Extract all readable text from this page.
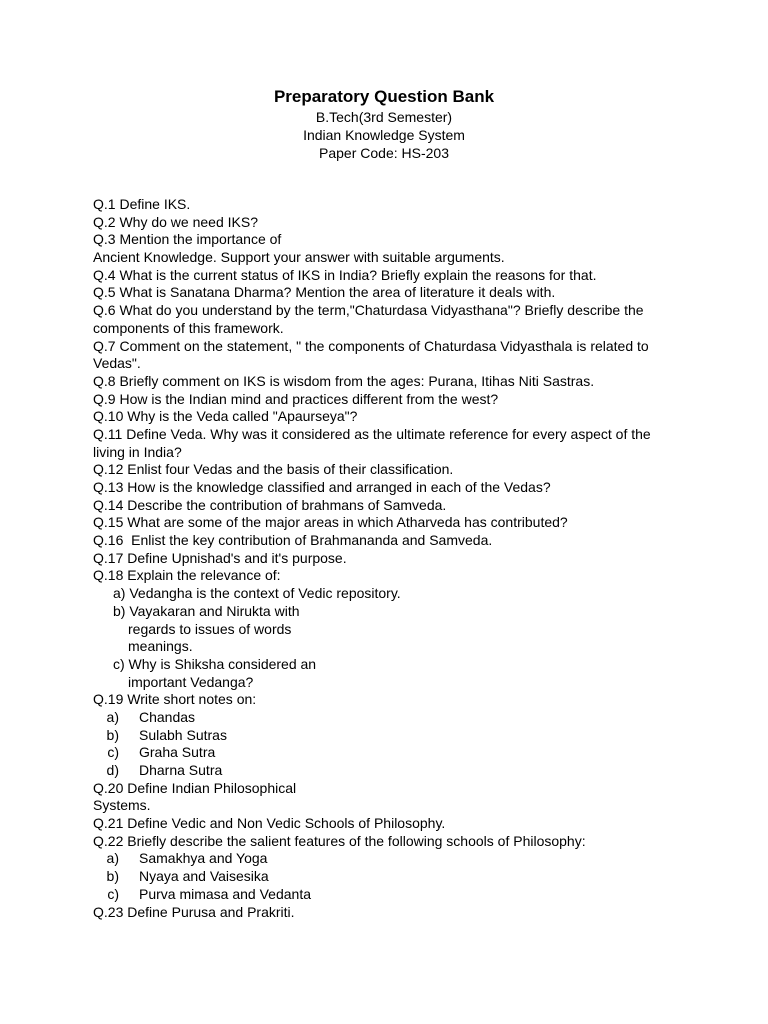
Preparatory Question Bank

B.Tech(3rd Semester)

Indian Knowledge System

Paper Code: HS-203

Q.1 Define IKS.

Q.2 Why do we need IKS?

Q.3 Mention the importance of

Ancient Knowledge. Support your answer with suitable arguments.

Q.4 What is the current status of IKS in India? Briefly explain the reasons for that.

Q.5 What is Sanatana Dharma? Mention the area of literature it deals with.

Q.6 What do you understand by the term,"Chaturdasa Vidyasthana"? Briefly describe the

components of this framework.

Q.7 Comment on the statement, " the components of Chaturdasa Vidyasthala is related to

Vedas".

Q.8 Briefly comment on IKS is wisdom from the ages: Purana, Itihas Niti Sastras.

Q.9 How is the Indian mind and practices different from the west?

Q.10 Why is the Veda called "Apaurseya"?

Q.11 Define Veda. Why was it considered as the ultimate reference for every aspect of the

living in India?

Q.12 Enlist four Vedas and the basis of their classification.

Q.13 How is the knowledge classified and arranged in each of the Vedas?

Q.14 Describe the contribution of brahmans of Samveda.

Q.15 What are some of the major areas in which Atharveda has contributed?

Q.16  Enlist the key contribution of Brahmananda and Samveda.

Q.17 Define Upnishad's and it's purpose.

Q.18 Explain the relevance of:

a) Vedangha is the context of Vedic repository.

b) Vayakaran and Nirukta with

regards to issues of words

meanings.

c) Why is Shiksha considered an

important Vedanga?

Q.19 Write short notes on:

a) Chandas

b) Sulabh Sutras

c) Graha Sutra

d) Dharna Sutra

Q.20 Define Indian Philosophical

Systems.

Q.21 Define Vedic and Non Vedic Schools of Philosophy.

Q.22 Briefly describe the salient features of the following schools of Philosophy:

a) Samakhya and Yoga

b) Nyaya and Vaisesika

c) Purva mimasa and Vedanta

Q.23 Define Purusa and Prakriti.
